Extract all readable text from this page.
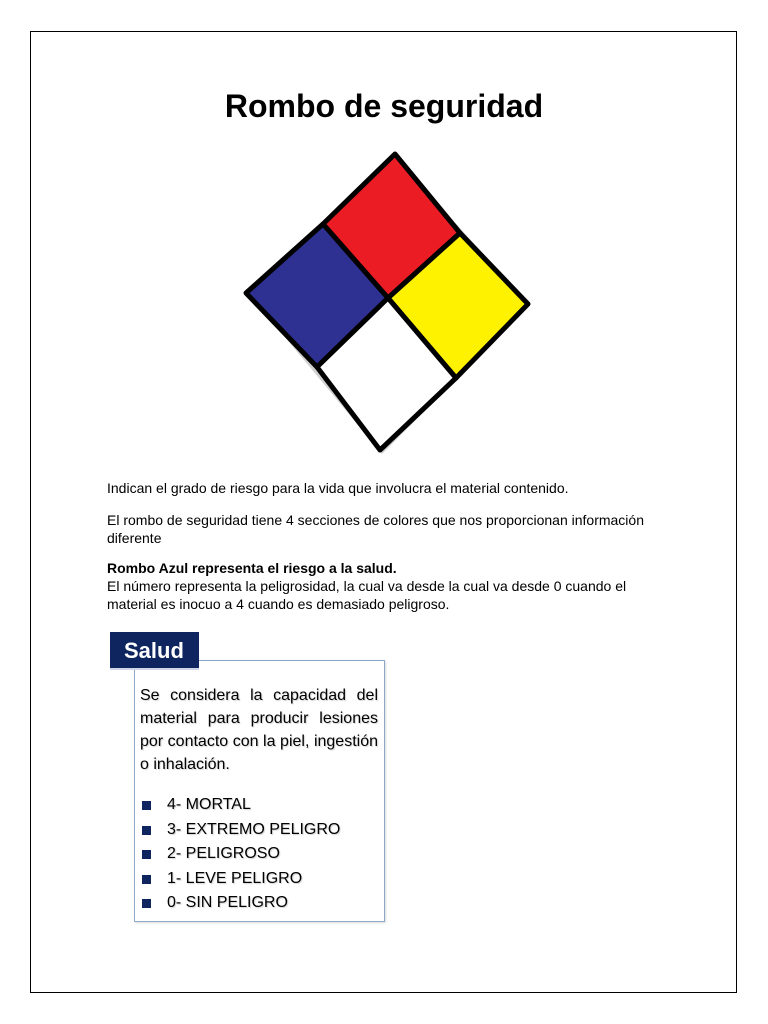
Rombo de seguridad

Indican el grado de riesgo para la vida que involucra el material contenido.

El rombo de seguridad tiene 4 secciones de colores que nos proporcionan información diferente

Rombo Azul representa el riesgo a la salud.
El número representa la peligrosidad, la cual va desde la cual va desde 0 cuando el material es inocuo a 4 cuando es demasiado peligroso.

Salud

Se considera la capacidad del material para producir lesiones por contacto con la piel, ingestión o inhalación.

4- MORTAL
3- EXTREMO PELIGRO
2- PELIGROSO
1- LEVE PELIGRO
0- SIN PELIGRO
